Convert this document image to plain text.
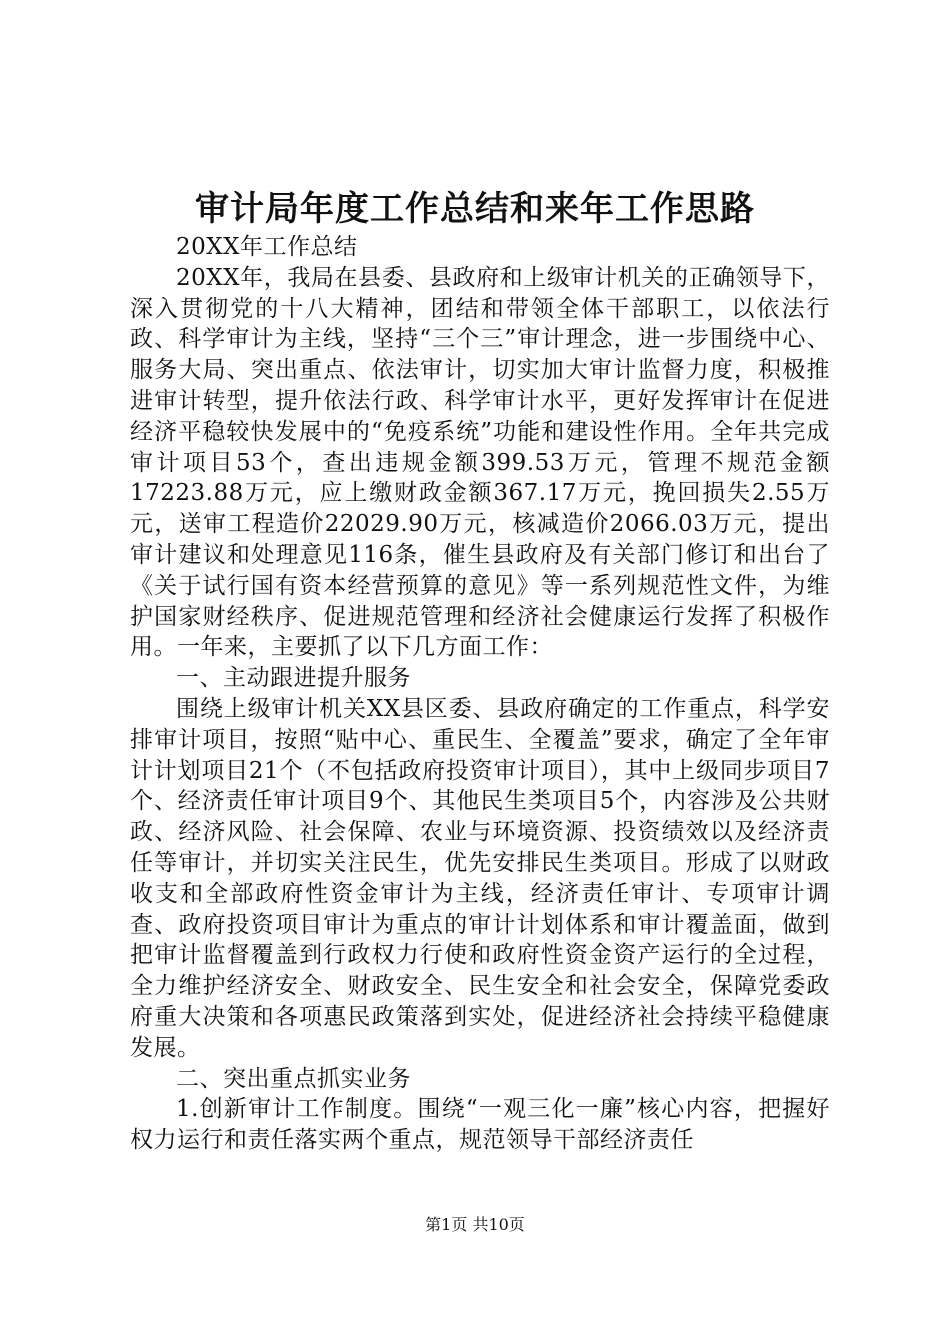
审计局年度工作总结和来年工作思路

20XX年工作总结

20XX年，我局在县委、县政府和上级审计机关的正确领导下，深入贯彻党的十八大精神，团结和带领全体干部职工，以依法行政、科学审计为主线，坚持“三个三”审计理念，进一步围绕中心、服务大局、突出重点、依法审计，切实加大审计监督力度，积极推进审计转型，提升依法行政、科学审计水平，更好发挥审计在促进经济平稳较快发展中的“免疫系统”功能和建设性作用。全年共完成审计项目53个，查出违规金额399.53万元，管理不规范金额17223.88万元，应上缴财政金额367.17万元，挽回损失2.55万元，送审工程造价22029.90万元，核减造价2066.03万元，提出审计建议和处理意见116条，催生县政府及有关部门修订和出台了《关于试行国有资本经营预算的意见》等一系列规范性文件，为维护国家财经秩序、促进规范管理和经济社会健康运行发挥了积极作用。一年来，主要抓了以下几方面工作：

一、主动跟进提升服务

围绕上级审计机关XX县区委、县政府确定的工作重点，科学安排审计项目，按照“贴中心、重民生、全覆盖”要求，确定了全年审计计划项目21个（不包括政府投资审计项目），其中上级同步项目7个、经济责任审计项目9个、其他民生类项目5个，内容涉及公共财政、经济风险、社会保障、农业与环境资源、投资绩效以及经济责任等审计，并切实关注民生，优先安排民生类项目。形成了以财政收支和全部政府性资金审计为主线，经济责任审计、专项审计调查、政府投资项目审计为重点的审计计划体系和审计覆盖面，做到把审计监督覆盖到行政权力行使和政府性资金资产运行的全过程，全力维护经济安全、财政安全、民生安全和社会安全，保障党委政府重大决策和各项惠民政策落到实处，促进经济社会持续平稳健康发展。

二、突出重点抓实业务

1.创新审计工作制度。围绕“一观三化一廉”核心内容，把握好权力运行和责任落实两个重点，规范领导干部经济责任

第1页 共10页
